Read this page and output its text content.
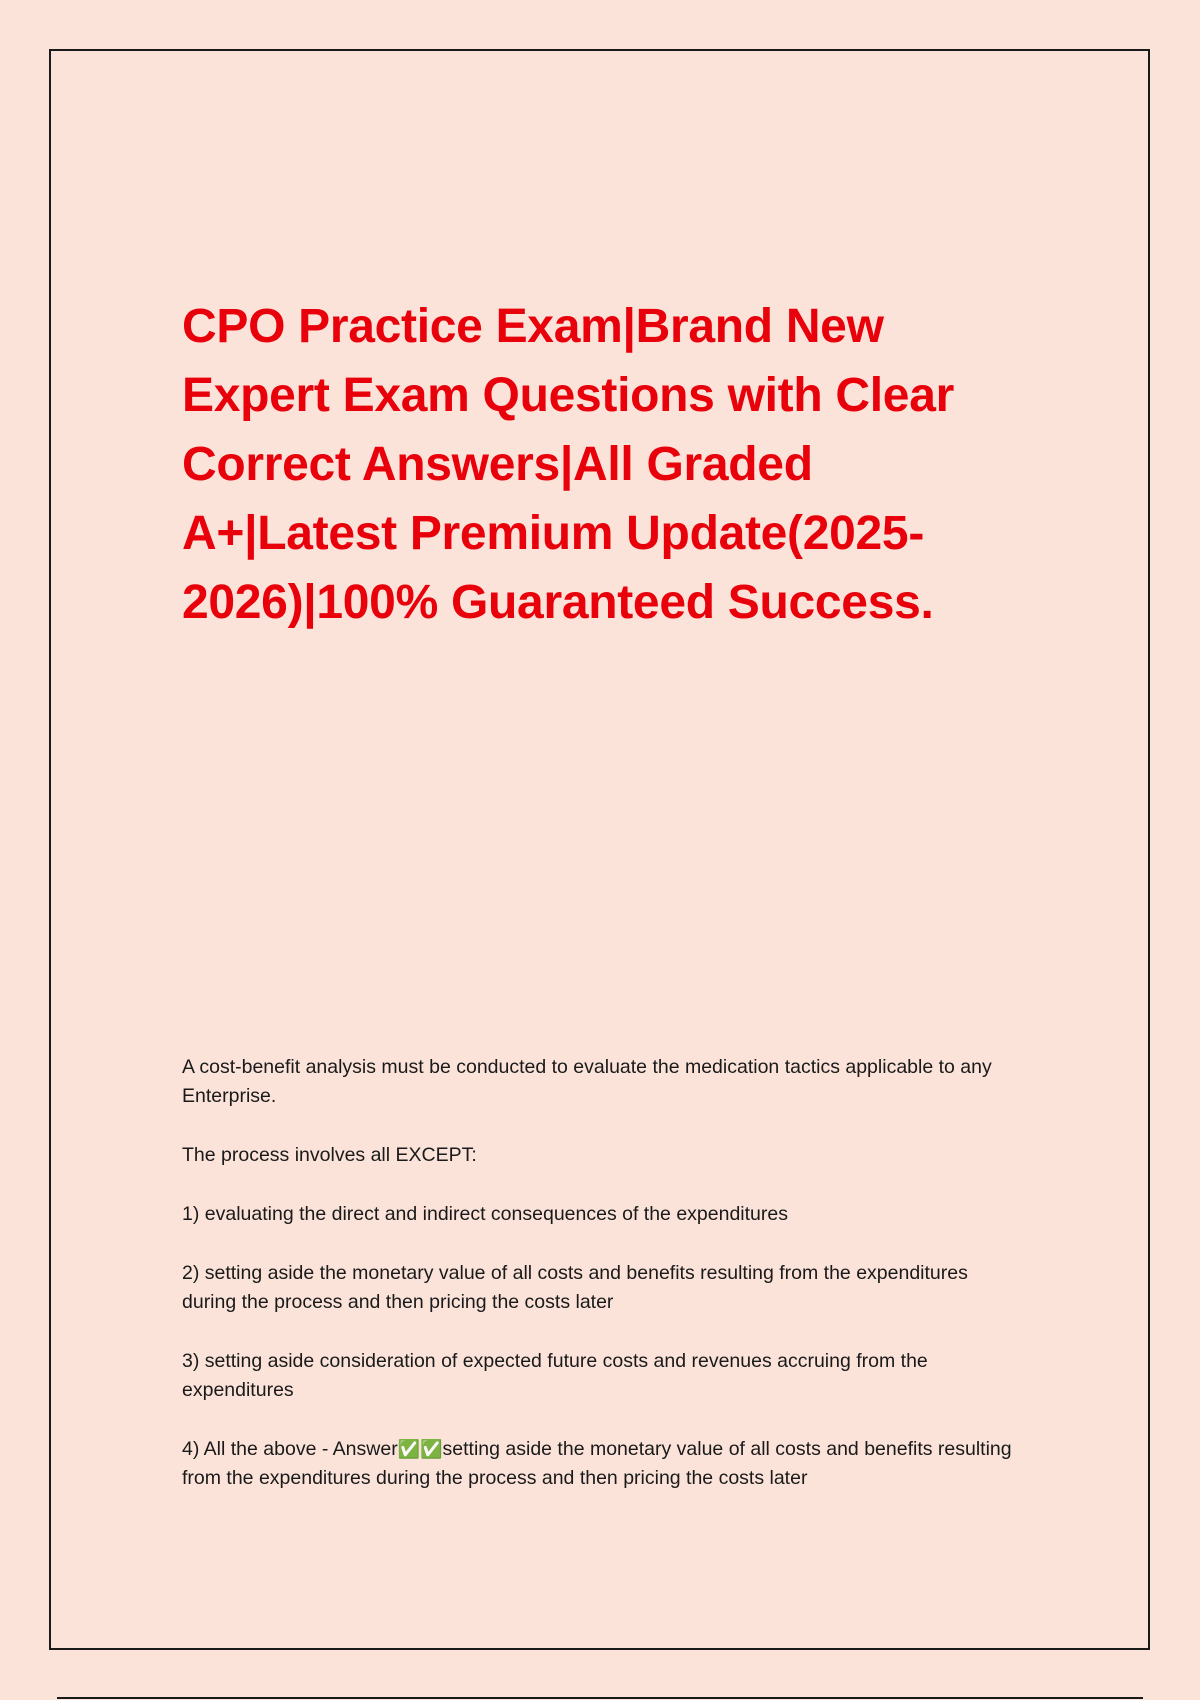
CPO Practice Exam|Brand New Expert Exam Questions with Clear Correct Answers|All Graded A+|Latest Premium Update(2025-2026)|100% Guaranteed Success.

A cost-benefit analysis must be conducted to evaluate the medication tactics applicable to any Enterprise.

The process involves all EXCEPT:

1) evaluating the direct and indirect consequences of the expenditures

2) setting aside the monetary value of all costs and benefits resulting from the expenditures during the process and then pricing the costs later

3) setting aside consideration of expected future costs and revenues accruing from the expenditures

4) All the above - Answer✅✅setting aside the monetary value of all costs and benefits resulting from the expenditures during the process and then pricing the costs later
